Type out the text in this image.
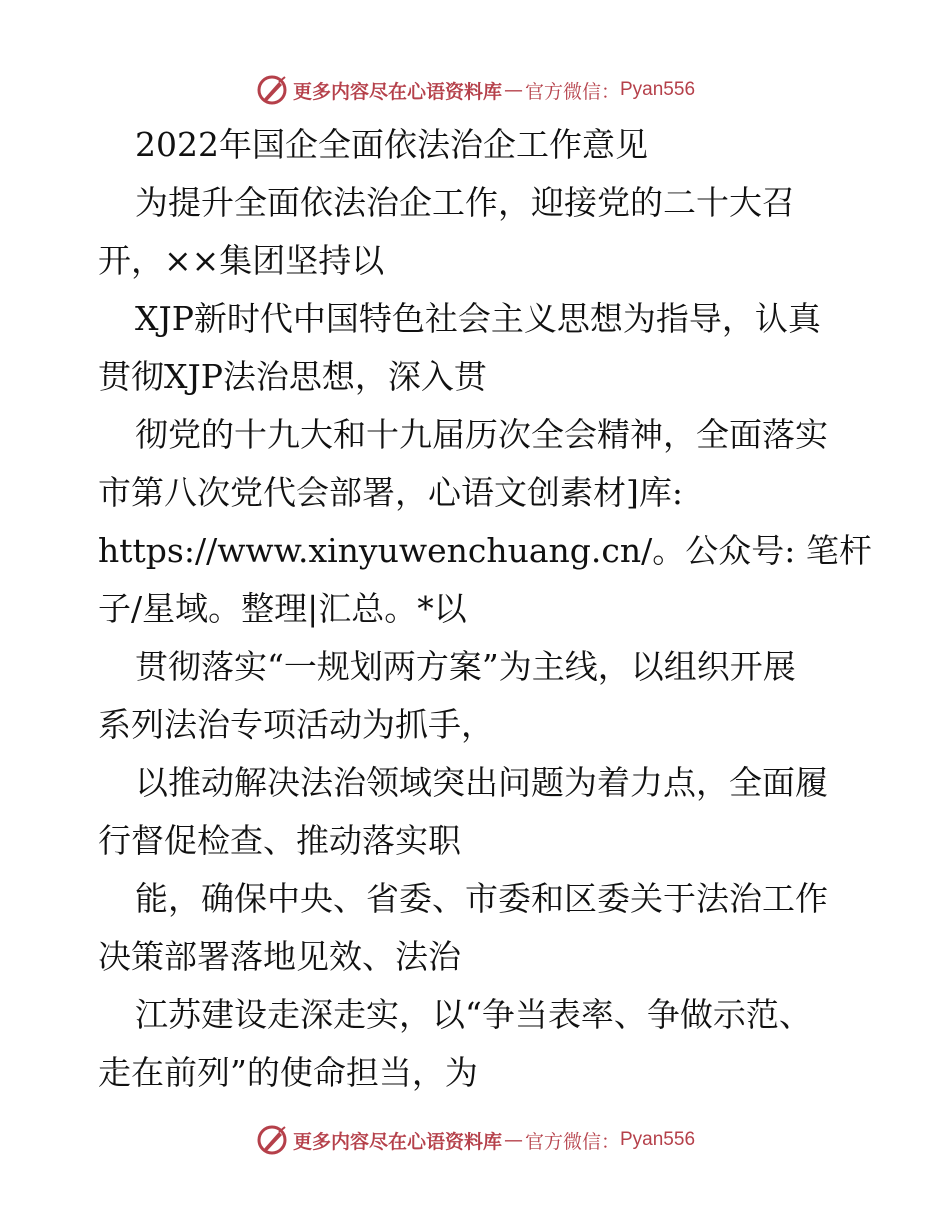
更多内容尽在心语资料库 — 官方微信： Pyan556
2022年国企全面依法治企工作意见
为提升全面依法治企工作，迎接党的二十大召
开，××集团坚持以
XJP新时代中国特色社会主义思想为指导，认真
贯彻XJP法治思想，深入贯
彻党的十九大和十九届历次全会精神，全面落实
市第八次党代会部署，心语文创素材]库:
https://www.xinyuwenchuang.cn/。公众号: 笔杆
子/星域。整理|汇总。*以
贯彻落实“一规划两方案”为主线，以组织开展
系列法治专项活动为抓手，
以推动解决法治领域突出问题为着力点，全面履
行督促检查、推动落实职
能，确保中央、省委、市委和区委关于法治工作
决策部署落地见效、法治
江苏建设走深走实，以“争当表率、争做示范、
走在前列”的使命担当，为
更多内容尽在心语资料库 — 官方微信： Pyan556
